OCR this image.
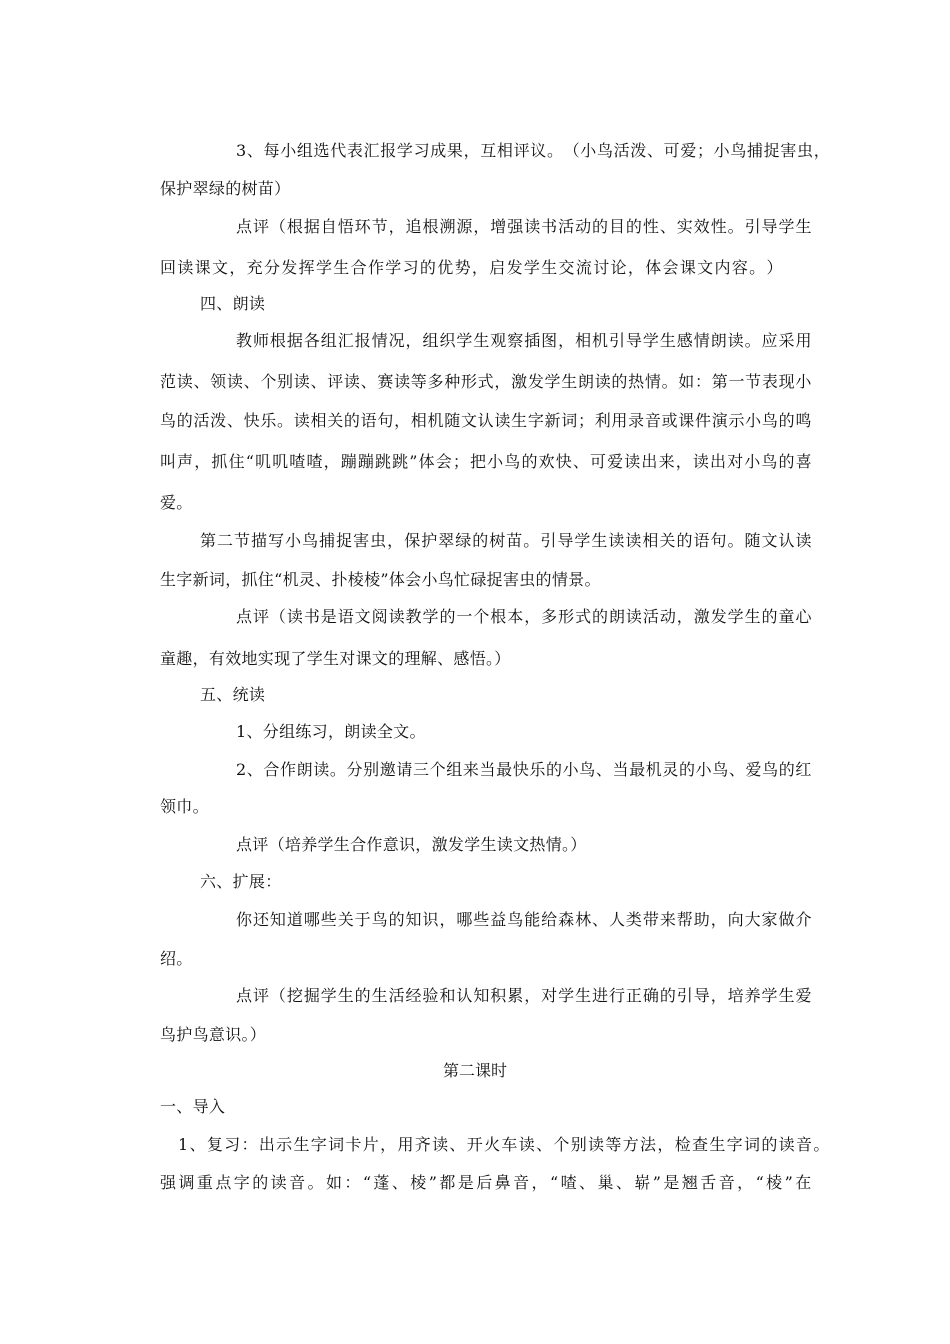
3 、 每 小 组 选 代 表 汇 报 学 习 成 果 ， 互 相 评 议 。 （ 小 鸟 活 泼 、 可 爱 ； 小 鸟 捕 捉 害 虫 ，
保护翠绿的树苗）
点 评 （ 根 据 自 悟 环 节 ， 追 根 溯 源 ， 增 强 读 书 活 动 的 目 的 性 、 实 效 性 。 引 导 学 生
回 读 课 文 ， 充 分 发 挥 学 生 合 作 学 习 的 优 势 ， 启 发 学 生 交 流 讨 论 ， 体 会 课 文 内 容 。 ）
四、朗读
教 师 根 据 各 组 汇 报 情 况 ， 组 织 学 生 观 察 插 图 ， 相 机 引 导 学 生 感 情 朗 读 。 应 采 用
范 读 、 领 读 、 个 别 读 、 评 读 、 赛 读 等 多 种 形 式 ， 激 发 学 生 朗 读 的 热 情 。 如 ： 第 一 节 表 现 小
鸟 的 活 泼 、 快 乐 。 读 相 关 的 语 句 ， 相 机 随 文 认 读 生 字 新 词 ； 利 用 录 音 或 课 件 演 示 小 鸟 的 鸣
叫 声 ， 抓 住 “ 叽 叽 喳 喳 ， 蹦 蹦 跳 跳 ” 体 会 ； 把 小 鸟 的 欢 快 、 可 爱 读 出 来 ， 读 出 对 小 鸟 的 喜
爱。
第 二 节 描 写 小 鸟 捕 捉 害 虫 ， 保 护 翠 绿 的 树 苗 。 引 导 学 生 读 读 相 关 的 语 句 。 随 文 认 读
生字新词，抓住“机灵、扑棱棱”体会小鸟忙碌捉害虫的情景。
点 评 （ 读 书 是 语 文 阅 读 教 学 的 一 个 根 本 ， 多 形 式 的 朗 读 活 动 ， 激 发 学 生 的 童 心
童趣，有效地实现了学生对课文的理解、感悟。）
五、统读
1、分组练习，朗读全文。
2 、 合 作 朗 读 。 分 别 邀 请 三 个 组 来 当 最 快 乐 的 小 鸟 、 当 最 机 灵 的 小 鸟 、 爱 鸟 的 红
领巾。
点评（培养学生合作意识，激发学生读文热情。）
六、扩展：
你 还 知 道 哪 些 关 于 鸟 的 知 识 ， 哪 些 益 鸟 能 给 森 林 、 人 类 带 来 帮 助 ， 向 大 家 做 介
绍。
点 评 （ 挖 掘 学 生 的 生 活 经 验 和 认 知 积 累 ， 对 学 生 进 行 正 确 的 引 导 ， 培 养 学 生 爱
鸟护鸟意识。）
第二课时
一、导入
1 、 复 习 ： 出 示 生 字 词 卡 片 ， 用 齐 读 、 开 火 车 读 、 个 别 读 等 方 法 ， 检 查 生 字 词 的 读 音 。
强 调 重 点 字 的 读 音 。 如 ： “ 蓬 、 棱 ” 都 是 后 鼻 音 ， “ 喳 、 巢 、 崭 ” 是 翘 舌 音 ， “ 棱 ” 在
